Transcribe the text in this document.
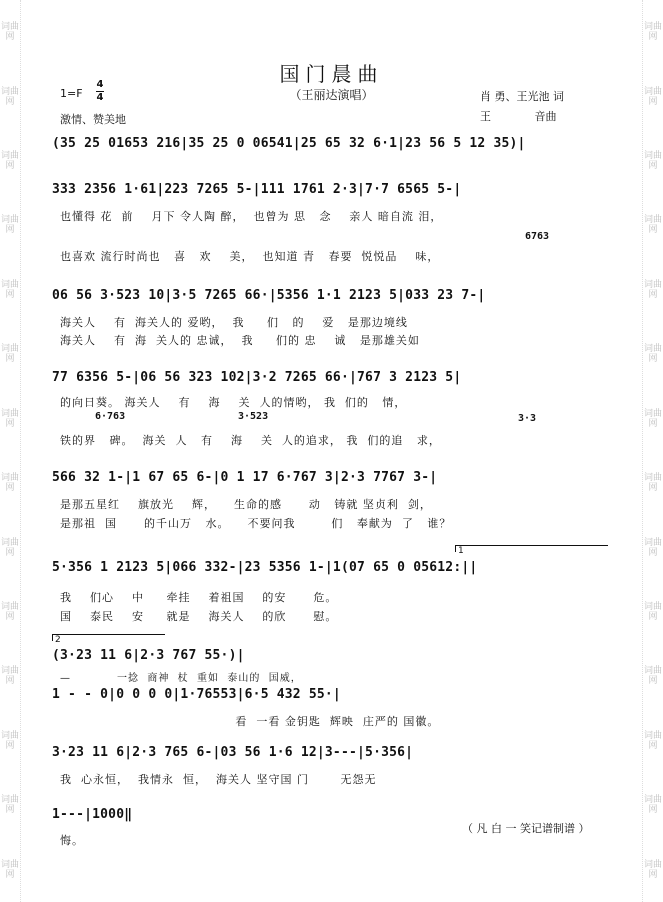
词曲网
词曲网
词曲网
词曲网
词曲网
词曲网
词曲网
词曲网
词曲网
词曲网
词曲网
词曲网
词曲网
词曲网
词曲网
词曲网
词曲网
词曲网
词曲网
词曲网
词曲网
词曲网
词曲网
词曲网
词曲网
词曲网
词曲网
词曲网
国门晨曲
（王丽达演唱）
1=F
4
4
激情、赞美地
肖 勇、王光池 词
王 音曲
(35 25 01653 216|35 25 0 06541|25 65 32 6·1|23 56 5 12 35)|
333 2356 1·61|223 7265 5-|111 1761 2·3|7·7 6565 5-|
也懂得 花  前    月下 令人陶 醉，  也曾为 思   念    亲人 暗自流 泪，
6763
也喜欢 流行时尚也   喜   欢    美，  也知道 青   春要  悦悦品    味，
06 56 3·523 10|3·5 7265 66·|5356 1·1 2123 5|033 23 7-|
海关人    有  海关人的 爱哟，  我     们   的    爱   是那边境线
海关人    有  海  关人的 忠诚，  我     们的 忠    诚   是那雄关如
77 6356 5-|06 56 323 102|3·2 7265 66·|767 3 2123 5|
的向日葵。 海关人    有    海    关  人的情哟， 我  们的   情，
6·763	3·523	3·3
铁的界   碑。  海关  人   有    海    关  人的追求， 我  们的追   求，
566 32 1-|1 67 65 6-|0 1 17 6·767 3|2·3 7767 3-|
是那五星红    旗放光    辉，    生命的感      动   铸就 坚贞利  剑，
是那祖  国      的千山万   水。    不要问我        们   奉献为  了   谁？
1
5·356 1 2123 5|066 332-|23 5356 1-|1(07 65 0 05612:||
我    们心    中     牵挂    着祖国    的安      危。
国    泰民    安     就是    海关人    的欣      慰。
2
(3·23 11 6|2·3 767 55·)|
—           一捻  商神  杖  重如  泰山的  国威，
1 - - 0|0 0 0 0|1·76553|6·5 432 55·|
看  一看 金钥匙  辉映  庄严的 国徽。
3·23 11 6|2·3 765 6-|03 56 1·6 12|3---|5·356|
我  心永恒，  我情永  恒，  海关人 坚守国 门       无怨无
1---|1000‖
悔。
（ 凡 白 一 笑记谱制谱 ）
